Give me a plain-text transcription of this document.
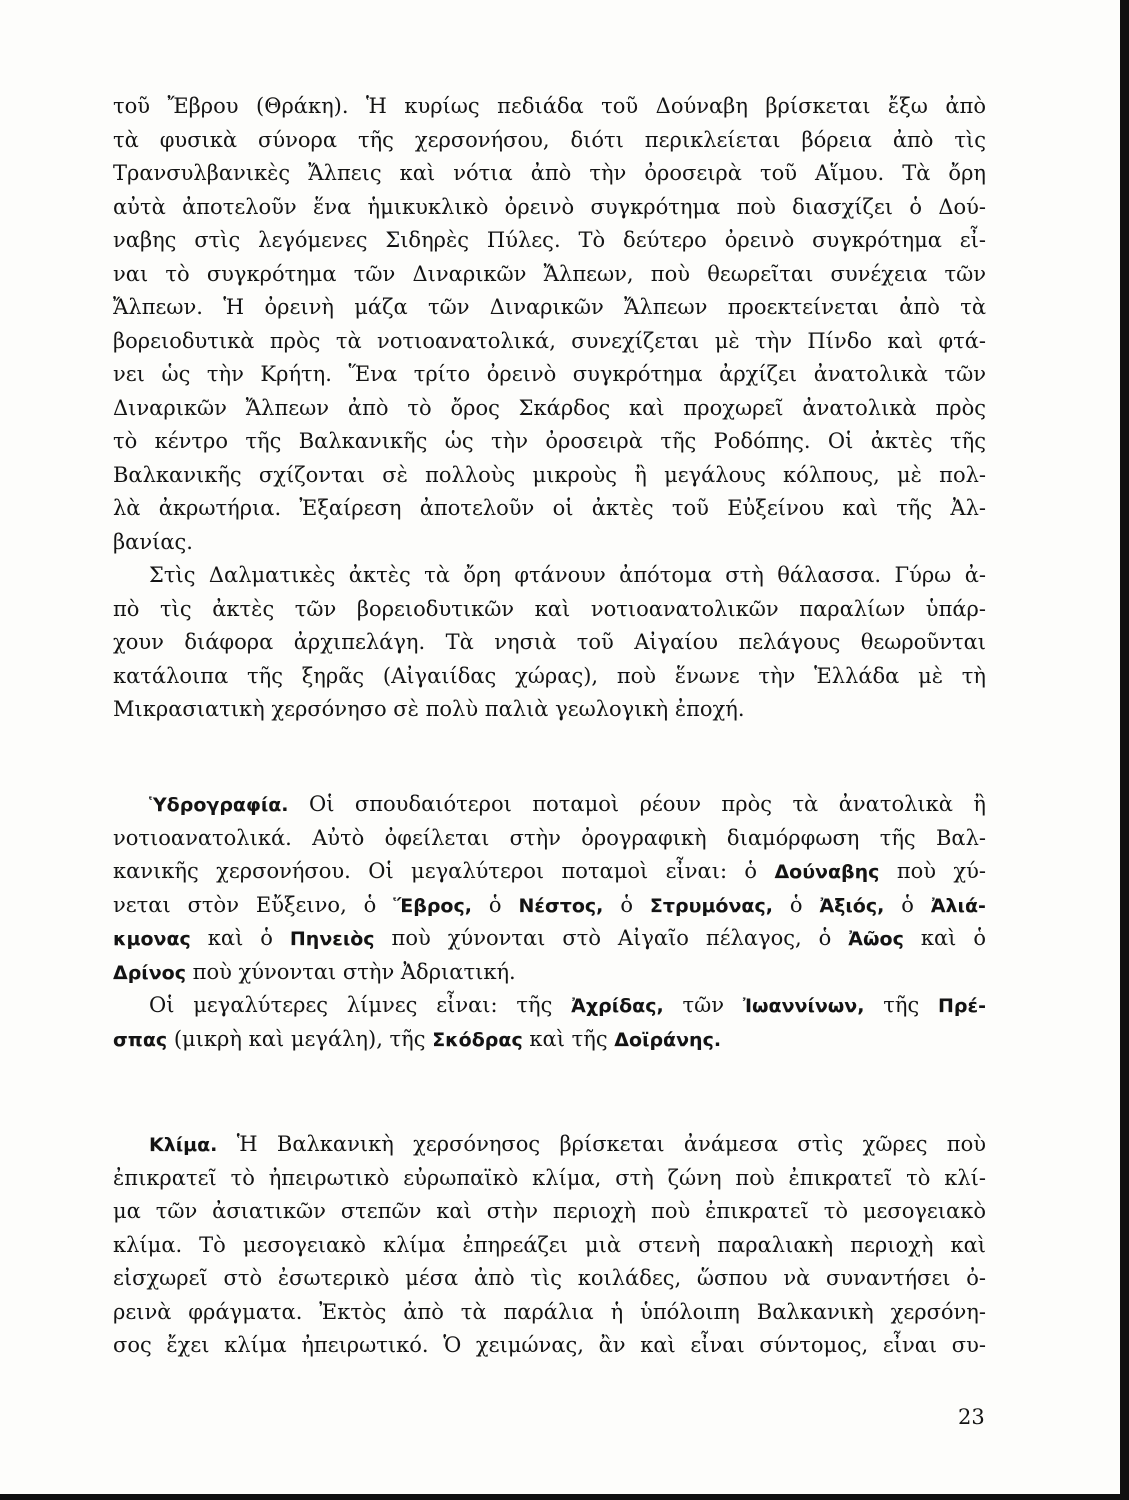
τοῦ Ἔβρου (Θράκη). Ἡ κυρίως πεδιάδα τοῦ Δούναβη βρίσκεται ἔξω ἀπὸ
τὰ φυσικὰ σύνορα τῆς χερσονήσου, διότι περικλείεται βόρεια ἀπὸ τὶς
Τρανσυλβανικὲς Ἄλπεις καὶ νότια ἀπὸ τὴν ὀροσειρὰ τοῦ Αἵμου. Τὰ ὄρη
αὐτὰ ἀποτελοῦν ἕνα ἡμικυκλικὸ ὀρεινὸ συγκρότημα ποὺ διασχίζει ὁ Δού-
ναβης στὶς λεγόμενες Σιδηρὲς Πύλες. Τὸ δεύτερο ὀρεινὸ συγκρότημα εἶ-
ναι τὸ συγκρότημα τῶν Διναρικῶν Ἄλπεων, ποὺ θεωρεῖται συνέχεια τῶν
Ἄλπεων. Ἡ ὀρεινὴ μάζα τῶν Διναρικῶν Ἄλπεων προεκτείνεται ἀπὸ τὰ
βορειοδυτικὰ πρὸς τὰ νοτιοανατολικά, συνεχίζεται μὲ τὴν Πίνδο καὶ φτά-
νει ὡς τὴν Κρήτη. Ἕνα τρίτο ὀρεινὸ συγκρότημα ἀρχίζει ἀνατολικὰ τῶν
Διναρικῶν Ἄλπεων ἀπὸ τὸ ὄρος Σκάρδος καὶ προχωρεῖ ἀνατολικὰ πρὸς
τὸ κέντρο τῆς Βαλκανικῆς ὡς τὴν ὀροσειρὰ τῆς Ροδόπης. Οἱ ἀκτὲς τῆς
Βαλκανικῆς σχίζονται σὲ πολλοὺς μικροὺς ἢ μεγάλους κόλπους, μὲ πολ-
λὰ ἀκρωτήρια. Ἐξαίρεση ἀποτελοῦν οἱ ἀκτὲς τοῦ Εὐξείνου καὶ τῆς Ἀλ-
βανίας.
Στὶς Δαλματικὲς ἀκτὲς τὰ ὄρη φτάνουν ἀπότομα στὴ θάλασσα. Γύρω ἀ-
πὸ τὶς ἀκτὲς τῶν βορειοδυτικῶν καὶ νοτιοανατολικῶν παραλίων ὑπάρ-
χουν διάφορα ἀρχιπελάγη. Τὰ νησιὰ τοῦ Αἰγαίου πελάγους θεωροῦνται
κατάλοιπα τῆς ξηρᾶς (Αἰγαιίδας χώρας), ποὺ ἕνωνε τὴν Ἑλλάδα μὲ τὴ
Μικρασιατικὴ χερσόνησο σὲ πολὺ παλιὰ γεωλογικὴ ἐποχή.
Ὑδρογραφία. Οἱ σπουδαιότεροι ποταμοὶ ρέουν πρὸς τὰ ἀνατολικὰ ἢ
νοτιοανατολικά. Αὐτὸ ὀφείλεται στὴν ὀρογραφικὴ διαμόρφωση τῆς Βαλ-
κανικῆς χερσονήσου. Οἱ μεγαλύτεροι ποταμοὶ εἶναι: ὁ Δούναβης ποὺ χύ-
νεται στὸν Εὔξεινο, ὁ Ἕβρος, ὁ Νέστος, ὁ Στρυμόνας, ὁ Ἀξιός, ὁ Ἀλιά-
κμονας καὶ ὁ Πηνειὸς ποὺ χύνονται στὸ Αἰγαῖο πέλαγος, ὁ Ἀῶος καὶ ὁ
Δρίνος ποὺ χύνονται στὴν Ἀδριατική.
Οἱ μεγαλύτερες λίμνες εἶναι: τῆς Ἀχρίδας, τῶν Ἰωαννίνων, τῆς Πρέ-
σπας (μικρὴ καὶ μεγάλη), τῆς Σκόδρας καὶ τῆς Δοϊράνης.
Κλίμα. Ἡ Βαλκανικὴ χερσόνησος βρίσκεται ἀνάμεσα στὶς χῶρες ποὺ
ἐπικρατεῖ τὸ ἠπειρωτικὸ εὐρωπαϊκὸ κλίμα, στὴ ζώνη ποὺ ἐπικρατεῖ τὸ κλί-
μα τῶν ἀσιατικῶν στεπῶν καὶ στὴν περιοχὴ ποὺ ἐπικρατεῖ τὸ μεσογειακὸ
κλίμα. Τὸ μεσογειακὸ κλίμα ἐπηρεάζει μιὰ στενὴ παραλιακὴ περιοχὴ καὶ
εἰσχωρεῖ στὸ ἐσωτερικὸ μέσα ἀπὸ τὶς κοιλάδες, ὥσπου νὰ συναντήσει ὀ-
ρεινὰ φράγματα. Ἐκτὸς ἀπὸ τὰ παράλια ἡ ὑπόλοιπη Βαλκανικὴ χερσόνη-
σος ἔχει κλίμα ἠπειρωτικό. Ὁ χειμώνας, ἂν καὶ εἶναι σύντομος, εἶναι συ-
23
